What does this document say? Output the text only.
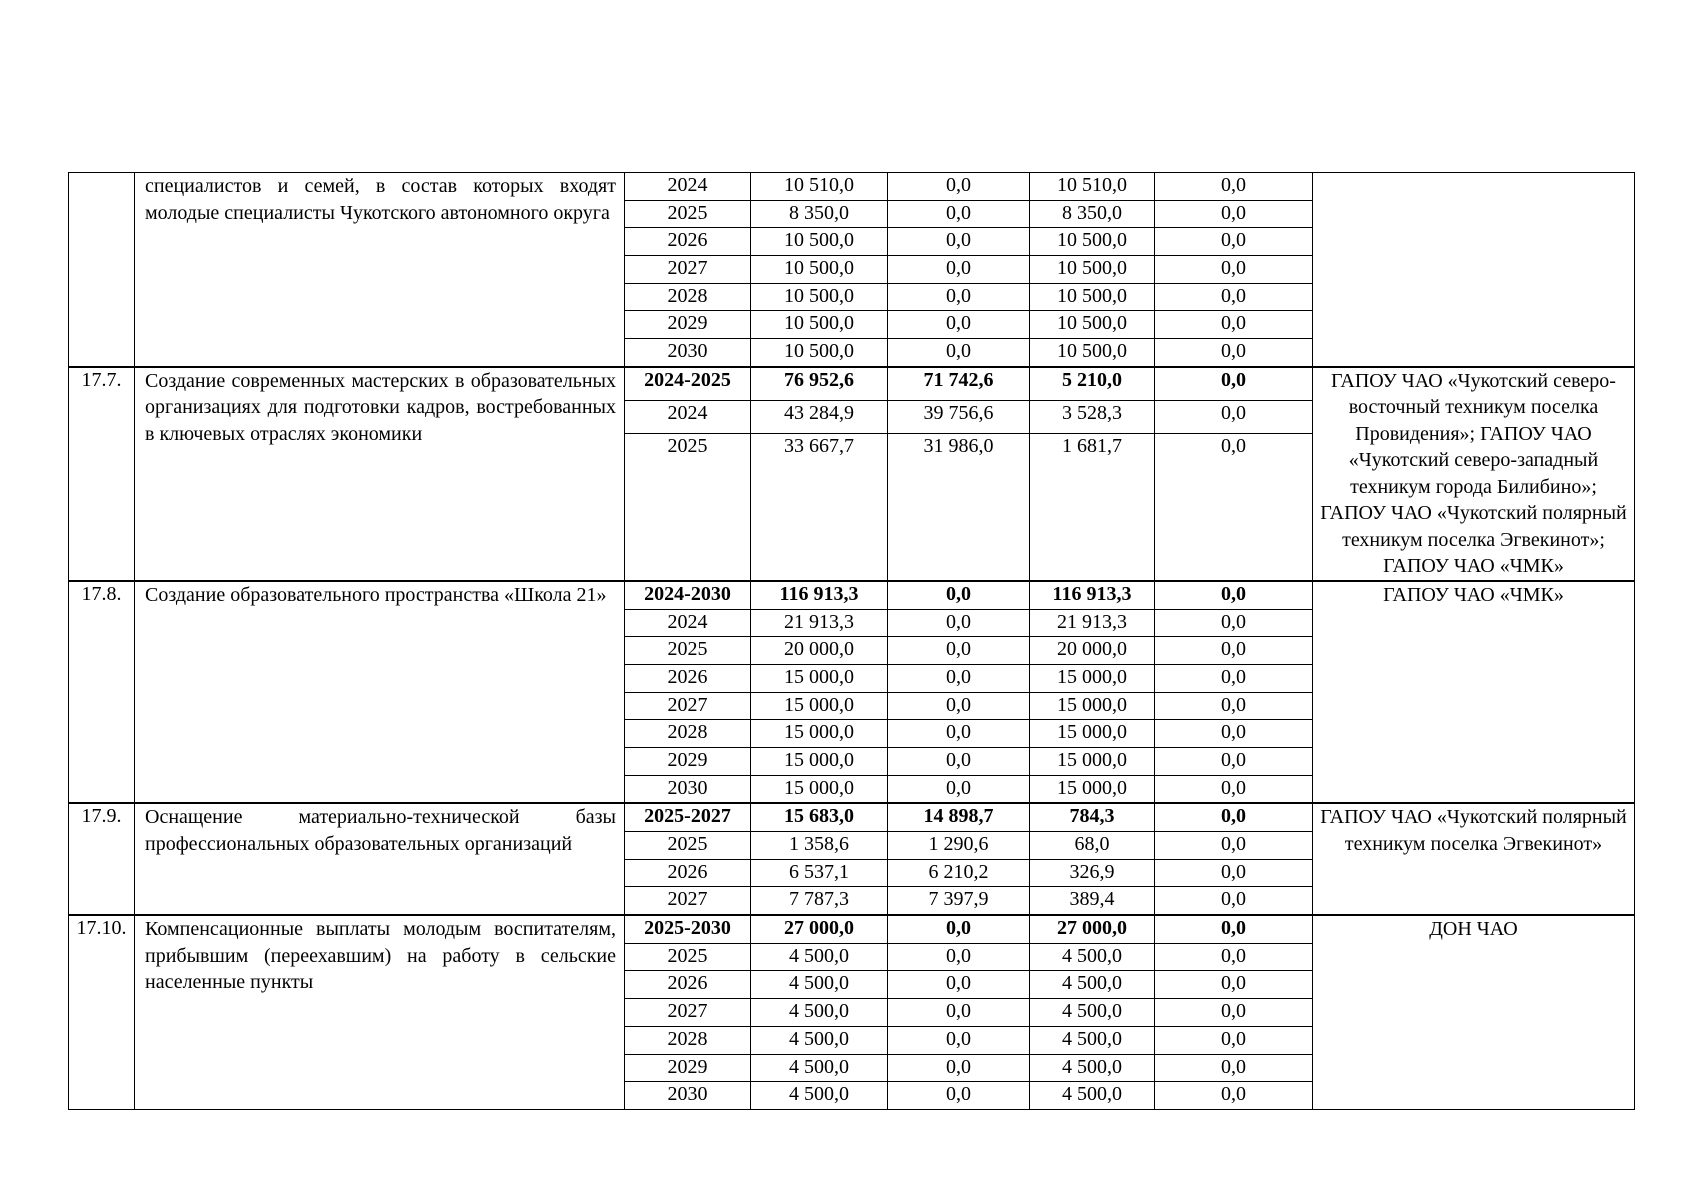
	специалистов и семей, в состав которых входят молодые специалисты Чукотского автономного округа	2024	10 510,0	0,0	10 510,0	0,0	
		2025	8 350,0	0,0	8 350,0	0,0	
		2026	10 500,0	0,0	10 500,0	0,0	
		2027	10 500,0	0,0	10 500,0	0,0	
		2028	10 500,0	0,0	10 500,0	0,0	
		2029	10 500,0	0,0	10 500,0	0,0	
		2030	10 500,0	0,0	10 500,0	0,0	
17.7.	Создание современных мастерских в образовательных организациях для подготовки кадров, востребованных в ключевых отраслях экономики	2024-2025	76 952,6	71 742,6	5 210,0	0,0	ГАПОУ ЧАО «Чукотский северо-восточный техникум поселка Провидения»; ГАПОУ ЧАО «Чукотский северо-западный техникум города Билибино»; ГАПОУ ЧАО «Чукотский полярный техникум поселка Эгвекинот»; ГАПОУ ЧАО «ЧМК»
		2024	43 284,9	39 756,6	3 528,3	0,0	
		2025	33 667,7	31 986,0	1 681,7	0,0	
17.8.	Создание образовательного пространства «Школа 21»	2024-2030	116 913,3	0,0	116 913,3	0,0	ГАПОУ ЧАО «ЧМК»
		2024	21 913,3	0,0	21 913,3	0,0	
		2025	20 000,0	0,0	20 000,0	0,0	
		2026	15 000,0	0,0	15 000,0	0,0	
		2027	15 000,0	0,0	15 000,0	0,0	
		2028	15 000,0	0,0	15 000,0	0,0	
		2029	15 000,0	0,0	15 000,0	0,0	
		2030	15 000,0	0,0	15 000,0	0,0	
17.9.	Оснащение материально-технической базы профессиональных образовательных организаций	2025-2027	15 683,0	14 898,7	784,3	0,0	ГАПОУ ЧАО «Чукотский полярный техникум поселка Эгвекинот»
		2025	1 358,6	1 290,6	68,0	0,0	
		2026	6 537,1	6 210,2	326,9	0,0	
		2027	7 787,3	7 397,9	389,4	0,0	
17.10.	Компенсационные выплаты молодым воспитателям, прибывшим (переехавшим) на работу в сельские населенные пункты	2025-2030	27 000,0	0,0	27 000,0	0,0	ДОН ЧАО
		2025	4 500,0	0,0	4 500,0	0,0	
		2026	4 500,0	0,0	4 500,0	0,0	
		2027	4 500,0	0,0	4 500,0	0,0	
		2028	4 500,0	0,0	4 500,0	0,0	
		2029	4 500,0	0,0	4 500,0	0,0	
		2030	4 500,0	0,0	4 500,0	0,0	
